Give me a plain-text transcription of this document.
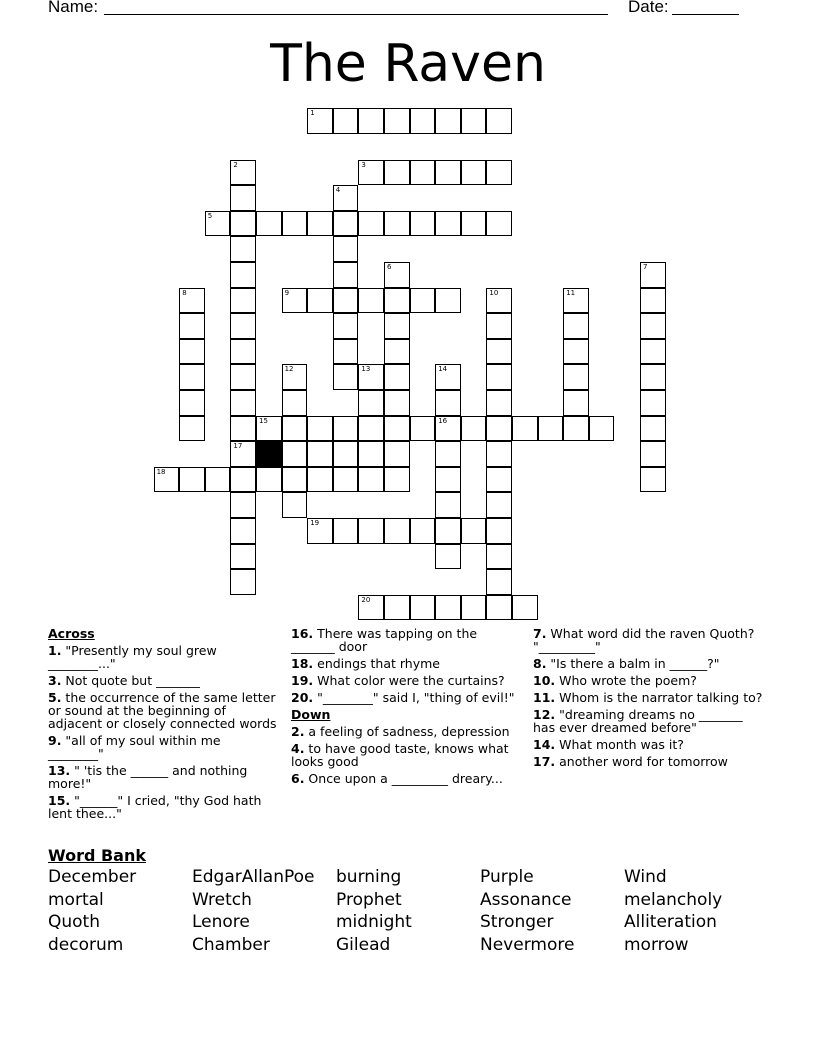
Name:	Date:
The Raven
1
2
17
3
4
5
6	7
8	9	10	11
12	13	14
16
15
18
19
20
Across
1. "Presently my soul grew ________..."
3. Not quote but _______
5. the occurrence of the same letter or sound at the beginning of adjacent or closely connected words
9. "all of my soul within me ________"
13. " 'tis the ______ and nothing more!"
15. "______" I cried, "thy God hath lent thee..."
16. There was tapping on the _______ door
18. endings that rhyme
19. What color were the curtains?
20. "________" said I, "thing of evil!"
Down
2. a feeling of sadness, depression
4. to have good taste, knows what looks good
6. Once upon a _________ dreary...
7. What word did the raven Quoth? "_________"
8. "Is there a balm in ______?"
10. Who wrote the poem?
11. Whom is the narrator talking to?
12. "dreaming dreams no _______ has ever dreamed before"
14. What month was it?
17. another word for tomorrow
Word Bank
December	EdgarAllanPoe	burning	Purple	Wind
mortal	Wretch	Prophet	Assonance	melancholy
Quoth	Lenore	midnight	Stronger	Alliteration
decorum	Chamber	Gilead	Nevermore	morrow
